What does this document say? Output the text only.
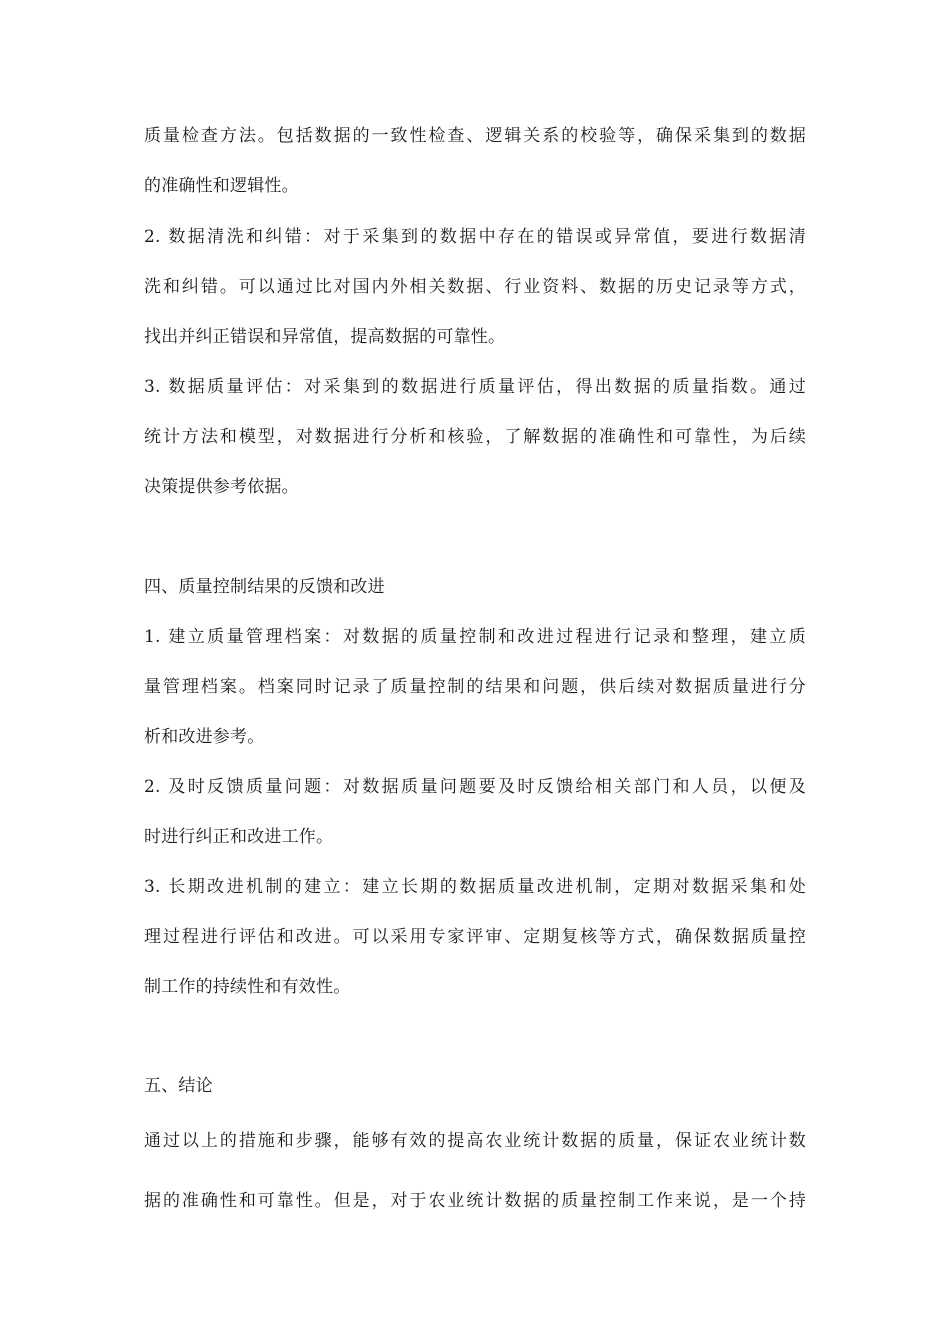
质量检查方法。包括数据的一致性检查、逻辑关系的校验等，确保采集到的数据
的准确性和逻辑性。
2. 数据清洗和纠错：对于采集到的数据中存在的错误或异常值，要进行数据清
洗和纠错。可以通过比对国内外相关数据、行业资料、数据的历史记录等方式，
找出并纠正错误和异常值，提高数据的可靠性。
3. 数据质量评估：对采集到的数据进行质量评估，得出数据的质量指数。通过
统计方法和模型，对数据进行分析和核验，了解数据的准确性和可靠性，为后续
决策提供参考依据。
四、质量控制结果的反馈和改进
1. 建立质量管理档案：对数据的质量控制和改进过程进行记录和整理，建立质
量管理档案。档案同时记录了质量控制的结果和问题，供后续对数据质量进行分
析和改进参考。
2. 及时反馈质量问题：对数据质量问题要及时反馈给相关部门和人员，以便及
时进行纠正和改进工作。
3. 长期改进机制的建立：建立长期的数据质量改进机制，定期对数据采集和处
理过程进行评估和改进。可以采用专家评审、定期复核等方式，确保数据质量控
制工作的持续性和有效性。
五、结论
通过以上的措施和步骤，能够有效的提高农业统计数据的质量，保证农业统计数
据的准确性和可靠性。但是，对于农业统计数据的质量控制工作来说，是一个持
